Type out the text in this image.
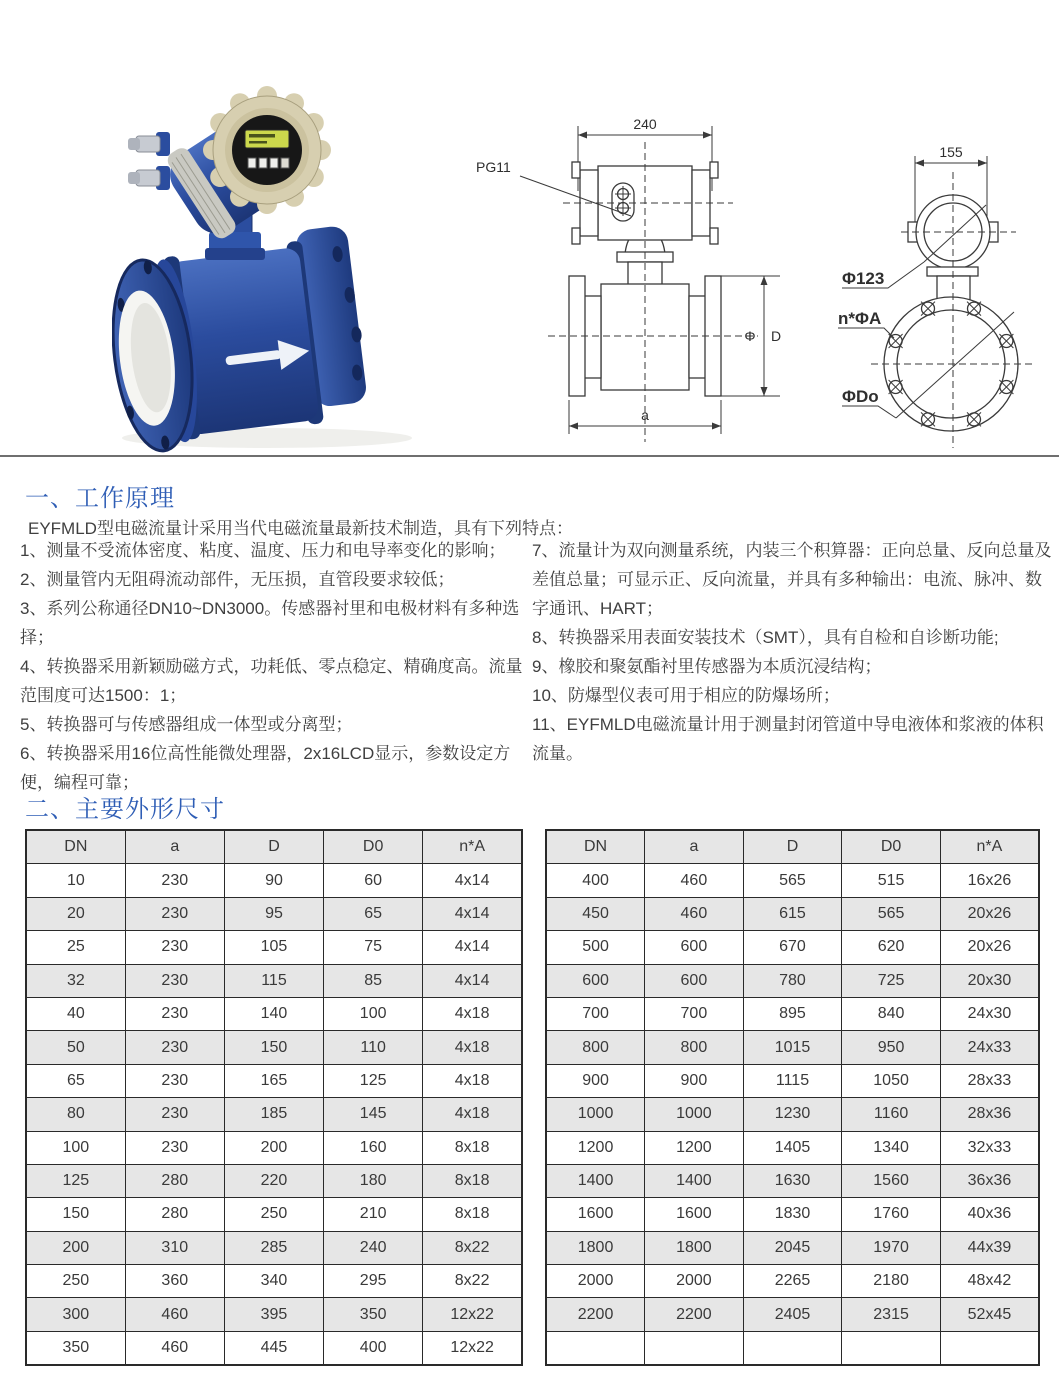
240
PG11
Φ D
a
155
Φ123
n*ΦA
ΦDo
一、工作原理

EYFMLD型电磁流量计采用当代电磁流量最新技术制造，具有下列特点：

1、测量不受流体密度、粘度、温度、压力和电导率变化的影响；
2、测量管内无阻碍流动部件，无压损，直管段要求较低；
3、系列公称通径DN10~DN3000。传感器衬里和电极材料有多种选择；
4、转换器采用新颖励磁方式，功耗低、零点稳定、精确度高。流量范围度可达1500：1；
5、转换器可与传感器组成一体型或分离型；
6、转换器采用16位高性能微处理器，2x16LCD显示，参数设定方便，编程可靠；
7、流量计为双向测量系统，内装三个积算器：正向总量、反向总量及差值总量；可显示正、反向流量，并具有多种输出：电流、脉冲、数字通讯、HART；
8、转换器采用表面安装技术（SMT），具有自检和自诊断功能;
9、橡胶和聚氨酯衬里传感器为本质沉浸结构；
10、防爆型仪表可用于相应的防爆场所；
11、EYFMLD电磁流量计用于测量封闭管道中导电液体和浆液的体积流量。
二、主要外形尺寸
DN	a	D	D0	n*A
10	230	90	60	4x14
20	230	95	65	4x14
25	230	105	75	4x14
32	230	115	85	4x14
40	230	140	100	4x18
50	230	150	110	4x18
65	230	165	125	4x18
80	230	185	145	4x18
100	230	200	160	8x18
125	280	220	180	8x18
150	280	250	210	8x18
200	310	285	240	8x22
250	360	340	295	8x22
300	460	395	350	12x22
350	460	445	400	12x22
DN	a	D	D0	n*A
400	460	565	515	16x26
450	460	615	565	20x26
500	600	670	620	20x26
600	600	780	725	20x30
700	700	895	840	24x30
800	800	1015	950	24x33
900	900	1115	1050	28x33
1000	1000	1230	1160	28x36
1200	1200	1405	1340	32x33
1400	1400	1630	1560	36x36
1600	1600	1830	1760	40x36
1800	1800	2045	1970	44x39
2000	2000	2265	2180	48x42
2200	2200	2405	2315	52x45
